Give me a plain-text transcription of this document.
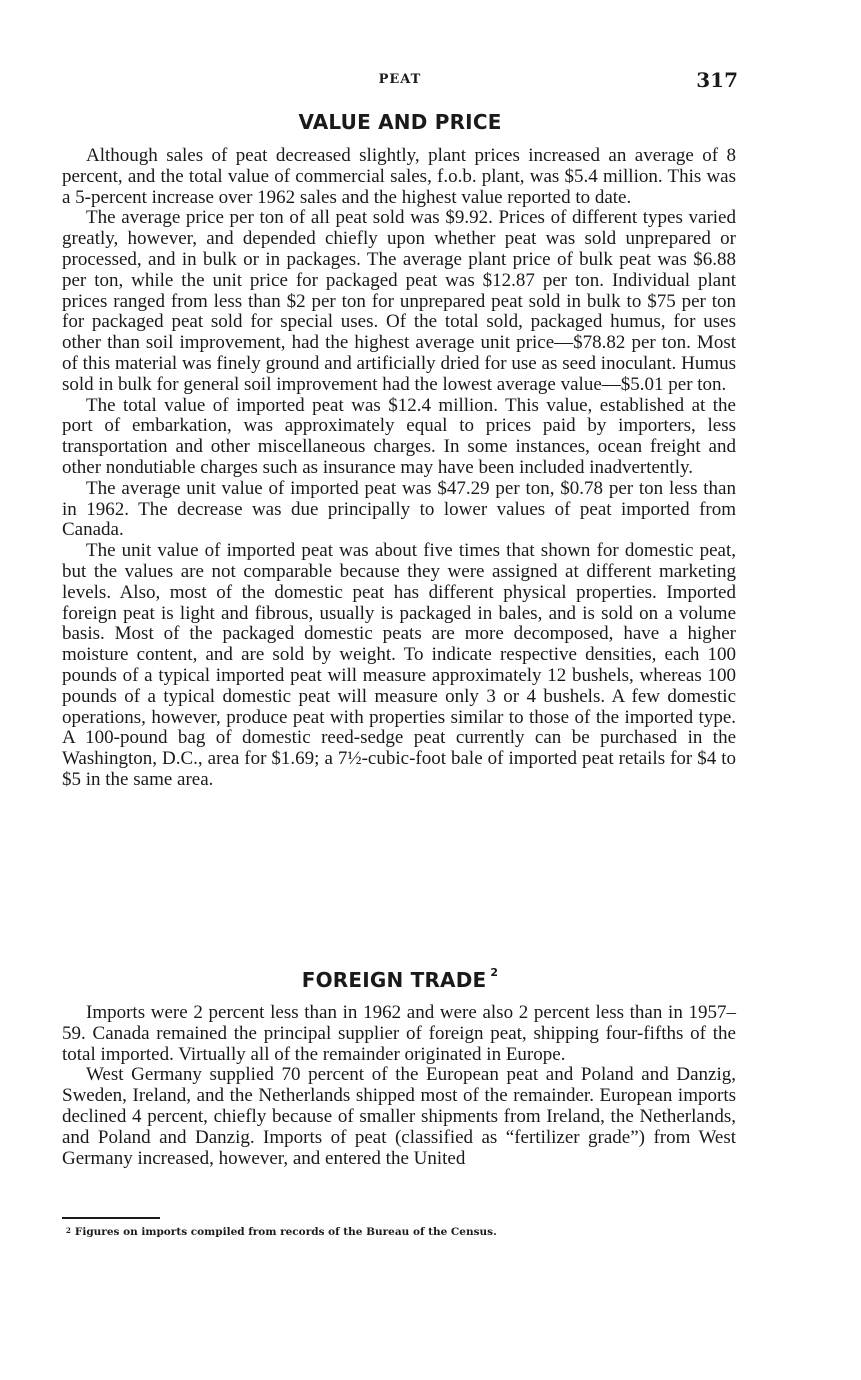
PEAT	317
VALUE AND PRICE

Although sales of peat decreased slightly, plant prices increased an average of 8 percent, and the total value of commercial sales, f.o.b. plant, was $5.4 million. This was a 5-percent increase over 1962 sales and the highest value reported to date.

The average price per ton of all peat sold was $9.92. Prices of different types varied greatly, however, and depended chiefly upon whether peat was sold unprepared or processed, and in bulk or in packages. The average plant price of bulk peat was $6.88 per ton, while the unit price for packaged peat was $12.87 per ton. Individual plant prices ranged from less than $2 per ton for unprepared peat sold in bulk to $75 per ton for packaged peat sold for special uses. Of the total sold, packaged humus, for uses other than soil improvement, had the highest average unit price—$78.82 per ton. Most of this material was finely ground and artificially dried for use as seed inoculant. Humus sold in bulk for general soil improvement had the lowest average value—$5.01 per ton.

The total value of imported peat was $12.4 million. This value, established at the port of embarkation, was approximately equal to prices paid by importers, less transportation and other miscellaneous charges. In some instances, ocean freight and other nondutiable charges such as insurance may have been included inadvertently.

The average unit value of imported peat was $47.29 per ton, $0.78 per ton less than in 1962. The decrease was due principally to lower values of peat imported from Canada.

The unit value of imported peat was about five times that shown for domestic peat, but the values are not comparable because they were assigned at different marketing levels. Also, most of the domestic peat has different physical properties. Imported foreign peat is light and fibrous, usually is packaged in bales, and is sold on a volume basis. Most of the packaged domestic peats are more decomposed, have a higher moisture content, and are sold by weight. To indicate respective densities, each 100 pounds of a typical imported peat will measure approximately 12 bushels, whereas 100 pounds of a typical domestic peat will measure only 3 or 4 bushels. A few domestic operations, however, produce peat with properties similar to those of the imported type. A 100-pound bag of domestic reed-sedge peat currently can be purchased in the Washington, D.C., area for $1.69; a 7½-cubic-foot bale of imported peat retails for $4 to $5 in the same area.

FOREIGN TRADE $^2$

Imports were 2 percent less than in 1962 and were also 2 percent less than in 1957–59. Canada remained the principal supplier of foreign peat, shipping four-fifths of the total imported. Virtually all of the remainder originated in Europe.

West Germany supplied 70 percent of the European peat and Poland and Danzig, Sweden, Ireland, and the Netherlands shipped most of the remainder. European imports declined 4 percent, chiefly because of smaller shipments from Ireland, the Netherlands, and Poland and Danzig. Imports of peat (classified as “fertilizer grade”) from West Germany increased, however, and entered the United

$^2$ Figures on imports compiled from records of the Bureau of the Census.
